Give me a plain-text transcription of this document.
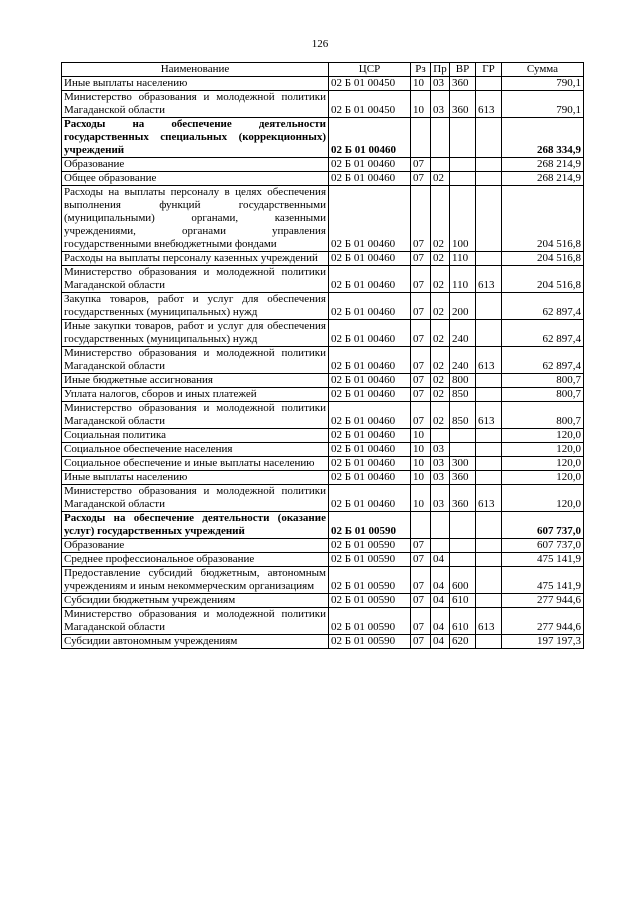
126
Наименование	ЦСР	Рз	Пр	ВР	ГР	Сумма
Иные выплаты населению	02 Б 01 00450	10	03	360		790,1
Министерство образования и молодежной политики Магаданской области	02 Б 01 00450	10	03	360	613	790,1
Расходы на обеспечение деятельности государственных специальных (коррекционных) учреждений	02 Б 01 00460					268 334,9
Образование	02 Б 01 00460	07				268 214,9
Общее образование	02 Б 01 00460	07	02			268 214,9
Расходы на выплаты персоналу в целях обеспечения выполнения функций государственными (муниципальными) органами, казенными учреждениями, органами управления государственными внебюджетными фондами	02 Б 01 00460	07	02	100		204 516,8
Расходы на выплаты персоналу казенных учреждений	02 Б 01 00460	07	02	110		204 516,8
Министерство образования и молодежной политики Магаданской области	02 Б 01 00460	07	02	110	613	204 516,8
Закупка товаров, работ и услуг для обеспечения государственных (муниципальных) нужд	02 Б 01 00460	07	02	200		62 897,4
Иные закупки товаров, работ и услуг для обеспечения государственных (муниципальных) нужд	02 Б 01 00460	07	02	240		62 897,4
Министерство образования и молодежной политики Магаданской области	02 Б 01 00460	07	02	240	613	62 897,4
Иные бюджетные ассигнования	02 Б 01 00460	07	02	800		800,7
Уплата налогов, сборов и иных платежей	02 Б 01 00460	07	02	850		800,7
Министерство образования и молодежной политики Магаданской области	02 Б 01 00460	07	02	850	613	800,7
Социальная политика	02 Б 01 00460	10				120,0
Социальное обеспечение населения	02 Б 01 00460	10	03			120,0
Социальное обеспечение и иные выплаты населению	02 Б 01 00460	10	03	300		120,0
Иные выплаты населению	02 Б 01 00460	10	03	360		120,0
Министерство образования и молодежной политики Магаданской области	02 Б 01 00460	10	03	360	613	120,0
Расходы на обеспечение деятельности (оказание услуг) государственных учреждений	02 Б 01 00590					607 737,0
Образование	02 Б 01 00590	07				607 737,0
Среднее профессиональное образование	02 Б 01 00590	07	04			475 141,9
Предоставление субсидий бюджетным, автономным учреждениям и иным некоммерческим организациям	02 Б 01 00590	07	04	600		475 141,9
Субсидии бюджетным учреждениям	02 Б 01 00590	07	04	610		277 944,6
Министерство образования и молодежной политики Магаданской области	02 Б 01 00590	07	04	610	613	277 944,6
Субсидии автономным учреждениям	02 Б 01 00590	07	04	620		197 197,3
